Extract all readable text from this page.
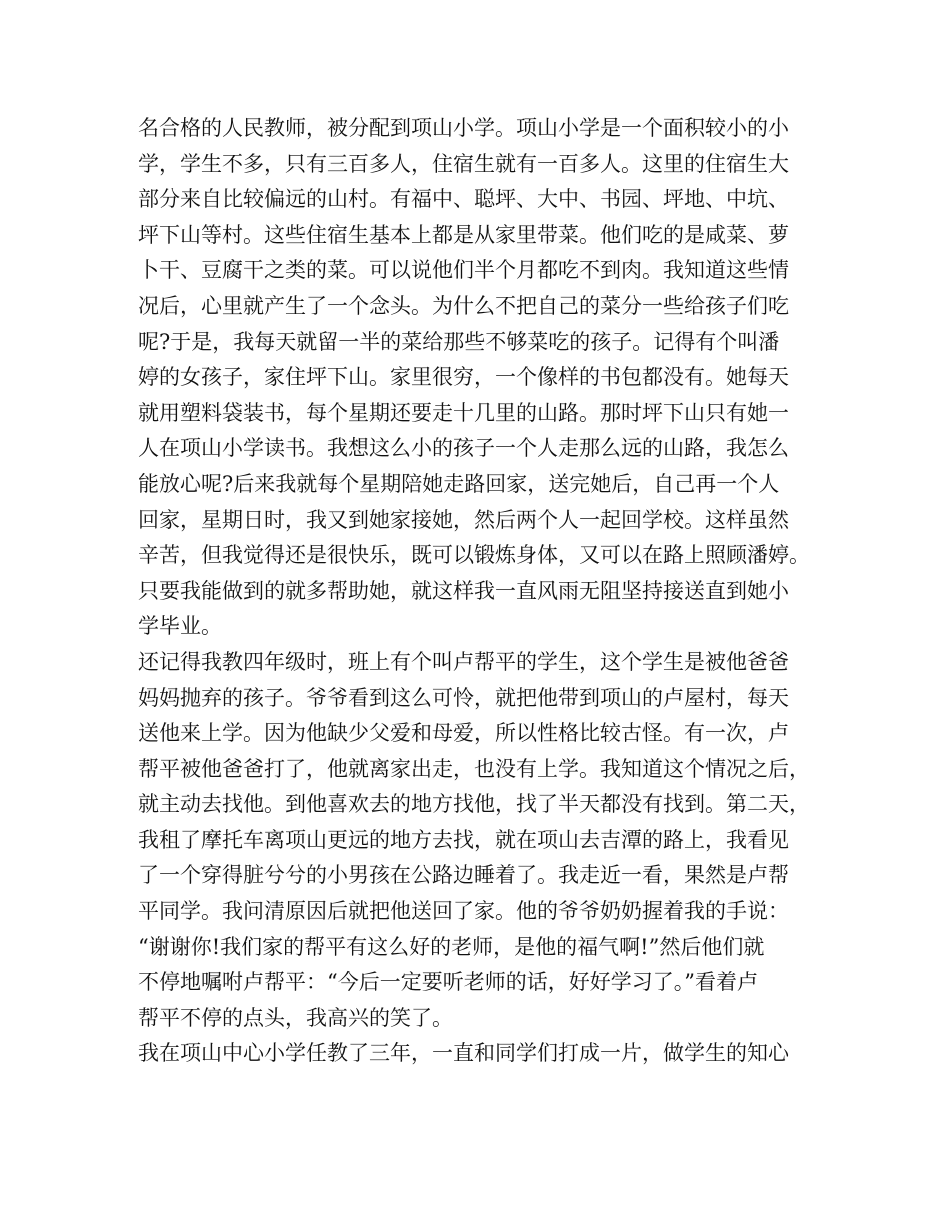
名合格的人民教师，被分配到项山小学。项山小学是一个面积较小的小
学，学生不多，只有三百多人，住宿生就有一百多人。这里的住宿生大
部分来自比较偏远的山村。有福中、聪坪、大中、书园、坪地、中坑、
坪下山等村。这些住宿生基本上都是从家里带菜。他们吃的是咸菜、萝
卜干、豆腐干之类的菜。可以说他们半个月都吃不到肉。我知道这些情
况后，心里就产生了一个念头。为什么不把自己的菜分一些给孩子们吃
呢?于是，我每天就留一半的菜给那些不够菜吃的孩子。记得有个叫潘
婷的女孩子，家住坪下山。家里很穷，一个像样的书包都没有。她每天
就用塑料袋装书，每个星期还要走十几里的山路。那时坪下山只有她一
人在项山小学读书。我想这么小的孩子一个人走那么远的山路，我怎么
能放心呢?后来我就每个星期陪她走路回家，送完她后，自己再一个人
回家，星期日时，我又到她家接她，然后两个人一起回学校。这样虽然
辛苦，但我觉得还是很快乐，既可以锻炼身体，又可以在路上照顾潘婷。
只要我能做到的就多帮助她，就这样我一直风雨无阻坚持接送直到她小
学毕业。
还记得我教四年级时，班上有个叫卢帮平的学生，这个学生是被他爸爸
妈妈抛弃的孩子。爷爷看到这么可怜，就把他带到项山的卢屋村，每天
送他来上学。因为他缺少父爱和母爱，所以性格比较古怪。有一次，卢
帮平被他爸爸打了，他就离家出走，也没有上学。我知道这个情况之后，
就主动去找他。到他喜欢去的地方找他，找了半天都没有找到。第二天，
我租了摩托车离项山更远的地方去找，就在项山去吉潭的路上，我看见
了一个穿得脏兮兮的小男孩在公路边睡着了。我走近一看，果然是卢帮
平同学。我问清原因后就把他送回了家。他的爷爷奶奶握着我的手说：
“谢谢你!我们家的帮平有这么好的老师，是他的福气啊!”然后他们就
不停地嘱咐卢帮平：“今后一定要听老师的话，好好学习了。”看着卢
帮平不停的点头，我高兴的笑了。
我在项山中心小学任教了三年，一直和同学们打成一片，做学生的知心
